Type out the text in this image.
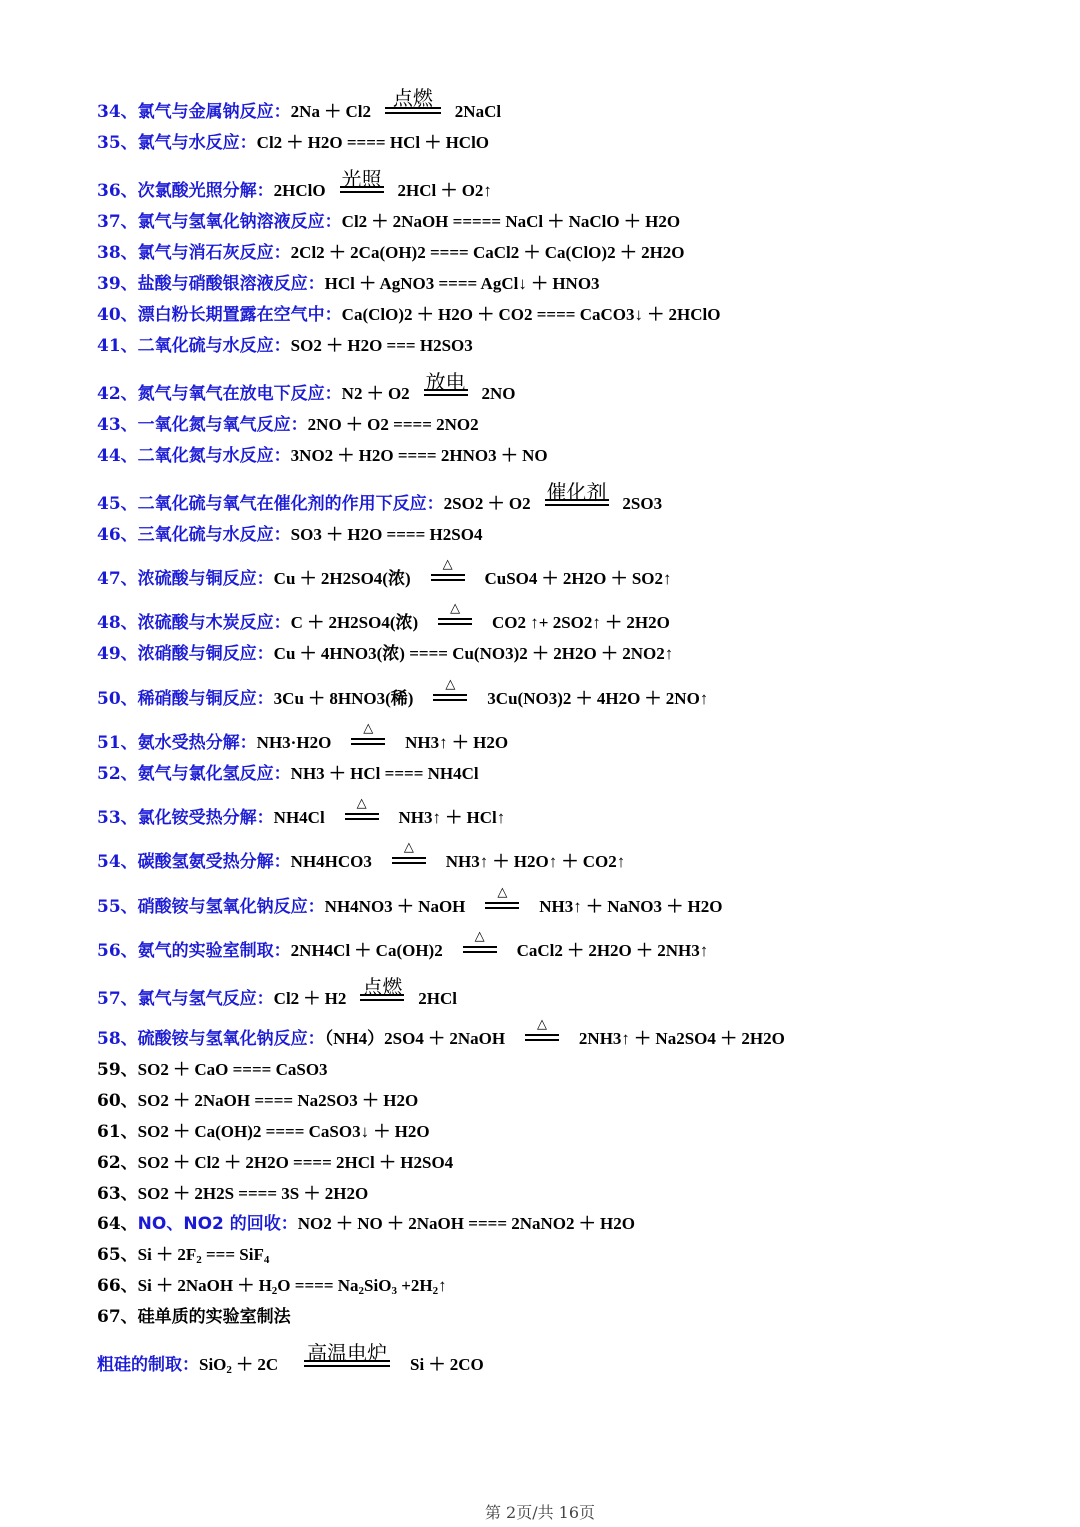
34、氯气与金属钠反应：2Na ＋ Cl2
点燃
2NaCl
35、氯气与水反应：Cl2 ＋ H2O ==== HCl ＋ HClO
36、次氯酸光照分解：2HClO 光照 2HCl ＋ O2↑
37、氯气与氢氧化钠溶液反应：Cl2 ＋ 2NaOH ===== NaCl ＋ NaClO ＋ H2O
38、氯气与消石灰反应：2Cl2 ＋ 2Ca(OH)2 ==== CaCl2 ＋ Ca(ClO)2 ＋ 2H2O
39、盐酸与硝酸银溶液反应：HCl ＋ AgNO3 ==== AgCl↓ ＋ HNO3
40、漂白粉长期置露在空气中：Ca(ClO)2 ＋ H2O ＋ CO2 ==== CaCO3↓ ＋ 2HClO
41、二氧化硫与水反应：SO2 ＋ H2O === H2SO3
42、氮气与氧气在放电下反应：N2 ＋ O2 放电 2NO
43、一氧化氮与氧气反应：2NO ＋ O2 ==== 2NO2
44、二氧化氮与水反应：3NO2 ＋ H2O ==== 2HNO3 ＋ NO
45、二氧化硫与氧气在催化剂的作用下反应：2SO2 ＋ O2 催化剂 2SO3
46、三氧化硫与水反应：SO3 ＋ H2O ==== H2SO4
47、浓硫酸与铜反应：Cu ＋ 2H2SO4(浓)
△
CuSO4 ＋ 2H2O ＋ SO2↑
48、浓硫酸与木炭反应：C ＋ 2H2SO4(浓)
△
CO2 ↑+ 2SO2↑ ＋ 2H2O
49、浓硝酸与铜反应：Cu ＋ 4HNO3(浓) ==== Cu(NO3)2 ＋ 2H2O ＋ 2NO2↑
50、稀硝酸与铜反应：3Cu ＋ 8HNO3(稀)
△
3Cu(NO3)2 ＋ 4H2O ＋ 2NO↑
51、氨水受热分解：NH3·H2O
△
NH3↑ ＋ H2O
52、氨气与氯化氢反应：NH3 ＋ HCl ==== NH4Cl
53、氯化铵受热分解：NH4Cl
△
NH3↑ ＋ HCl↑
54、碳酸氢氨受热分解：NH4HCO3
△
NH3↑ ＋ H2O↑ ＋ CO2↑
55、硝酸铵与氢氧化钠反应：NH4NO3 ＋ NaOH
△
NH3↑ ＋ NaNO3 ＋ H2O
56、氨气的实验室制取：2NH4Cl ＋ Ca(OH)2
△
CaCl2 ＋ 2H2O ＋ 2NH3↑
57、氯气与氢气反应：Cl2 ＋ H2 点燃 2HCl
58、硫酸铵与氢氧化钠反应：（NH4）2SO4 ＋ 2NaOH
△
2NH3↑ ＋ Na2SO4 ＋ 2H2O
59、SO2 ＋ CaO ==== CaSO3
60、SO2 ＋ 2NaOH ==== Na2SO3 ＋ H2O
61、SO2 ＋ Ca(OH)2 ==== CaSO3↓ ＋ H2O
62、SO2 ＋ Cl2 ＋ 2H2O ==== 2HCl ＋ H2SO4
63、SO2 ＋ 2H2S ==== 3S ＋ 2H2O
64、NO、NO2 的回收：NO2 ＋ NO ＋ 2NaOH ==== 2NaNO2 ＋ H2O
65、$Si + 2F_2$ === SiF$_4$
66、Si ＋ 2NaOH ＋ $H_2O$ ==== $Na_2SiO_3$ $+2H_2↑$
67、硅单质的实验室制法
粗硅的制取：SiO$_2$ ＋ 2C 高温电炉 Si ＋ 2CO
第 2页/共 16页
